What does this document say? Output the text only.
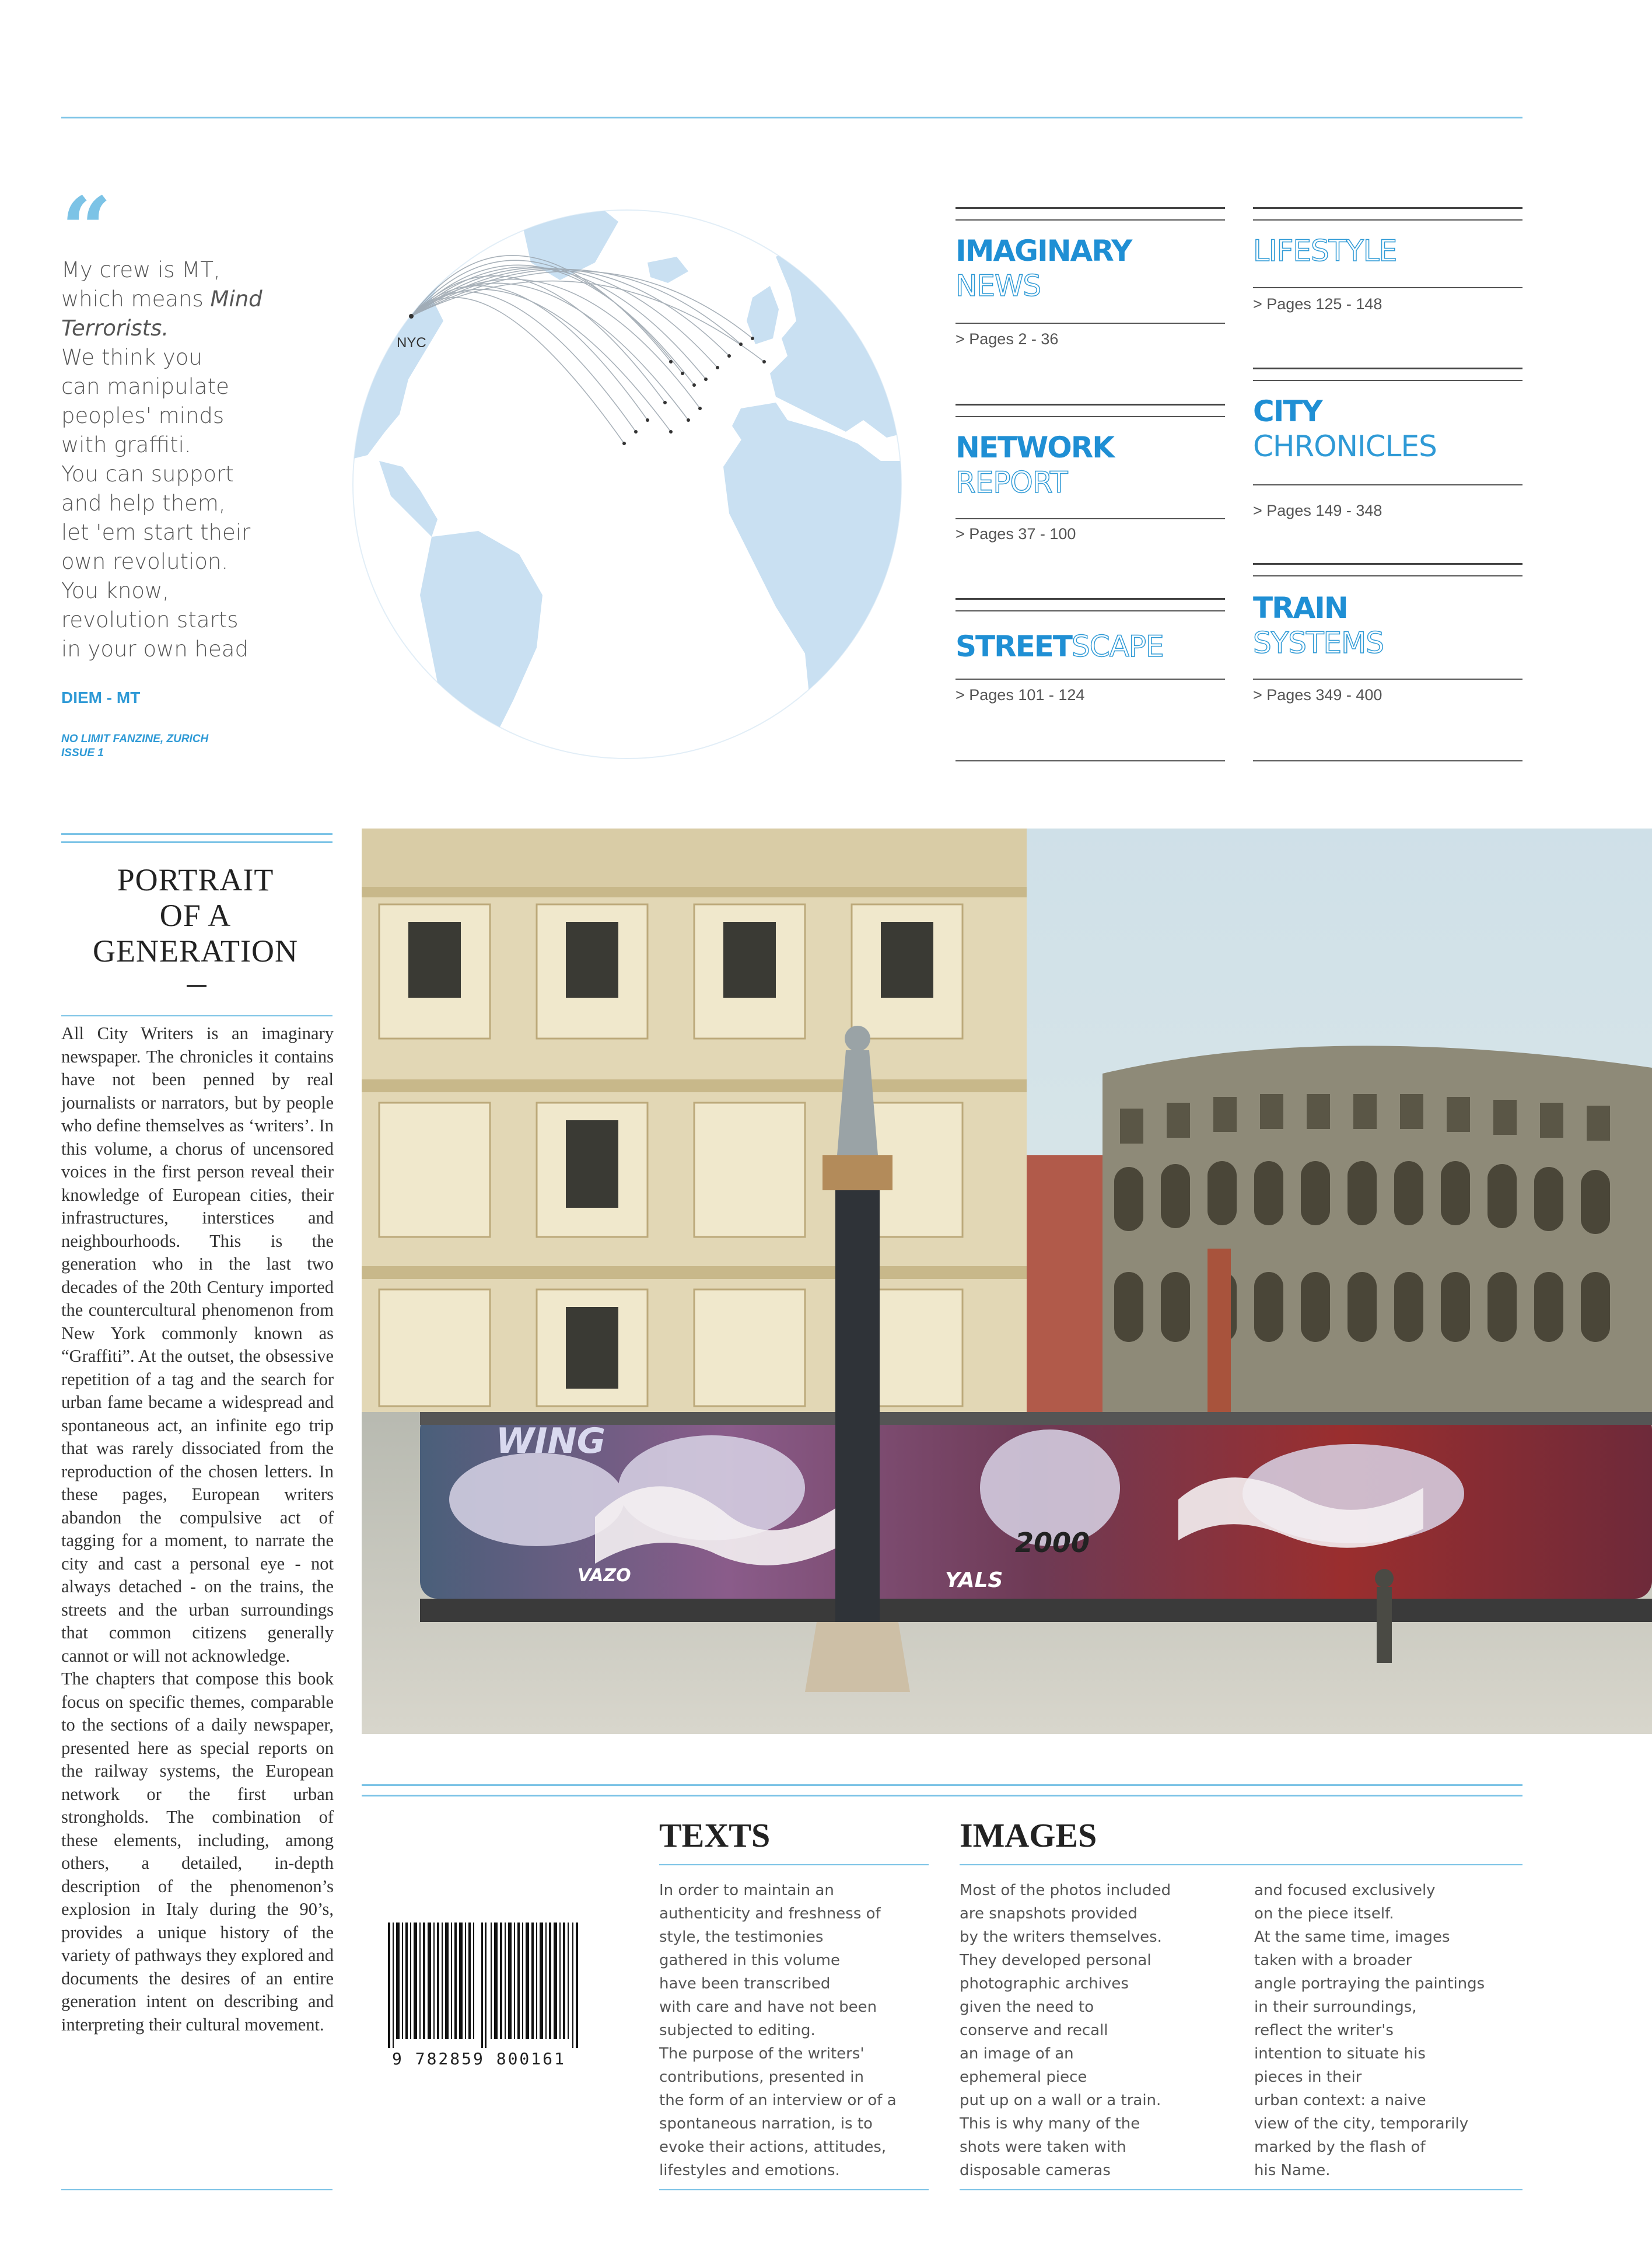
“
My crew is MT,
which means Mind
Terrorists.
We think you
can manipulate
peoples' minds
with graffiti.
You can support
and help them,
let 'em start their
own revolution.
You know,
revolution starts
in your own head
DIEM - MT
NO LIMIT FANZINE, ZURICH
ISSUE 1
NYC
IMAGINARY
NEWS
> Pages 2 - 36
NETWORK
REPORT
> Pages 37 - 100
STREETSCAPE
> Pages 101 - 124
LIFESTYLE
> Pages 125 - 148
CITY
CHRONICLES
> Pages 149 - 348
TRAIN
SYSTEMS
> Pages 349 - 400
PORTRAIT
OF A
GENERATION

All City Writers is an imaginary newspaper. The chronicles it contains have not been penned by real journalists or narrators, but by people who define themselves as ‘writers’. In this volume, a chorus of uncensored voices in the first person reveal their knowledge of European cities, their infrastructures, interstices and neighbourhoods. This is the generation who in the last two decades of the 20th Century imported the countercultural phenomenon from New York commonly known as “Graffiti”. At the outset, the obsessive repetition of a tag and the search for urban fame became a widespread and spontaneous act, an infinite ego trip that was rarely dissociated from the reproduction of the chosen letters. In these pages, European writers abandon the compulsive act of tagging for a moment, to narrate the city and cast a personal eye - not always detached - on the trains, the streets and the urban surroundings that common citizens generally cannot or will not acknowledge.

The chapters that compose this book focus on specific themes, comparable to the sections of a daily newspaper, presented here as special reports on the railway systems, the European network or the first urban strongholds. The combination of these elements, including, among others, a detailed, in-depth description of the phenomenon’s explosion in Italy during the 90’s, provides a unique history of the variety of pathways they explored and documents the desires of an entire generation intent on describing and interpreting their cultural movement.

WING
2000
YALS
VAZO
TEXTS
In order to maintain an
authenticity and freshness of
style, the testimonies
gathered in this volume
have been transcribed
with care and have not been
subjected to editing.
The purpose of the writers'
contributions, presented in
the form of an interview or of a
spontaneous narration, is to
evoke their actions, attitudes,
lifestyles and emotions.
IMAGES
Most of the photos included
are snapshots provided
by the writers themselves.
They developed personal
photographic archives
given the need to
conserve and recall
an image of an
ephemeral piece
put up on a wall or a train.
This is why many of the
shots were taken with
disposable cameras
and focused exclusively
on the piece itself.
At the same time, images
taken with a broader
angle portraying the paintings
in their surroundings,
reflect the writer's
intention to situate his
pieces in their
urban context: a naive
view of the city, temporarily
marked by the flash of
his Name.
9 782859 800161
